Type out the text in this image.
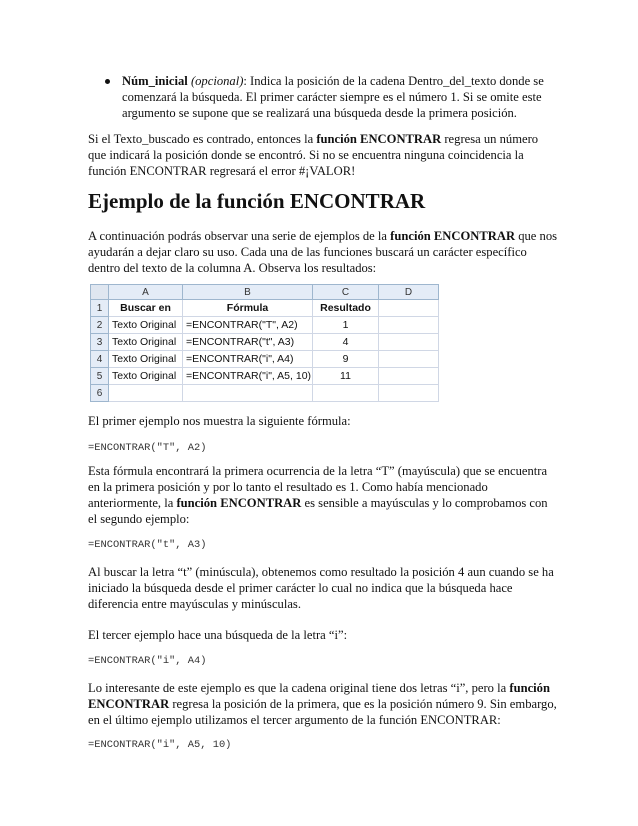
Núm_inicial (opcional): Indica la posición de la cadena Dentro_del_texto donde se comenzará la búsqueda. El primer carácter siempre es el número 1. Si se omite este argumento se supone que se realizará una búsqueda desde la primera posición.

Si el Texto_buscado es contrado, entonces la función ENCONTRAR regresa un número que indicará la posición donde se encontró. Si no se encuentra ninguna coincidencia la función ENCONTRAR regresará el error #¡VALOR!

Ejemplo de la función ENCONTRAR

A continuación podrás observar una serie de ejemplos de la función ENCONTRAR que nos ayudarán a dejar claro su uso. Cada una de las funciones buscará un carácter específico dentro del texto de la columna A. Observa los resultados:

	A	B	C	D
1	Buscar en	Fórmula	Resultado	
2	Texto Original	=ENCONTRAR("T", A2)	1	
3	Texto Original	=ENCONTRAR("t", A3)	4	
4	Texto Original	=ENCONTRAR("i", A4)	9	
5	Texto Original	=ENCONTRAR("i", A5, 10)	11	
6				

El primer ejemplo nos muestra la siguiente fórmula:

=ENCONTRAR("T", A2)

Esta fórmula encontrará la primera ocurrencia de la letra “T” (mayúscula) que se encuentra en la primera posición y por lo tanto el resultado es 1. Como había mencionado anteriormente, la función ENCONTRAR es sensible a mayúsculas y lo comprobamos con el segundo ejemplo:

=ENCONTRAR("t", A3)

Al buscar la letra “t” (minúscula), obtenemos como resultado la posición 4 aun cuando se ha iniciado la búsqueda desde el primer carácter lo cual no indica que la búsqueda hace diferencia entre mayúsculas y minúsculas.

El tercer ejemplo hace una búsqueda de la letra “i”:

=ENCONTRAR("i", A4)

Lo interesante de este ejemplo es que la cadena original tiene dos letras “i”, pero la función ENCONTRAR regresa la posición de la primera, que es la posición número 9. Sin embargo, en el último ejemplo utilizamos el tercer argumento de la función ENCONTRAR:

=ENCONTRAR("i", A5, 10)
